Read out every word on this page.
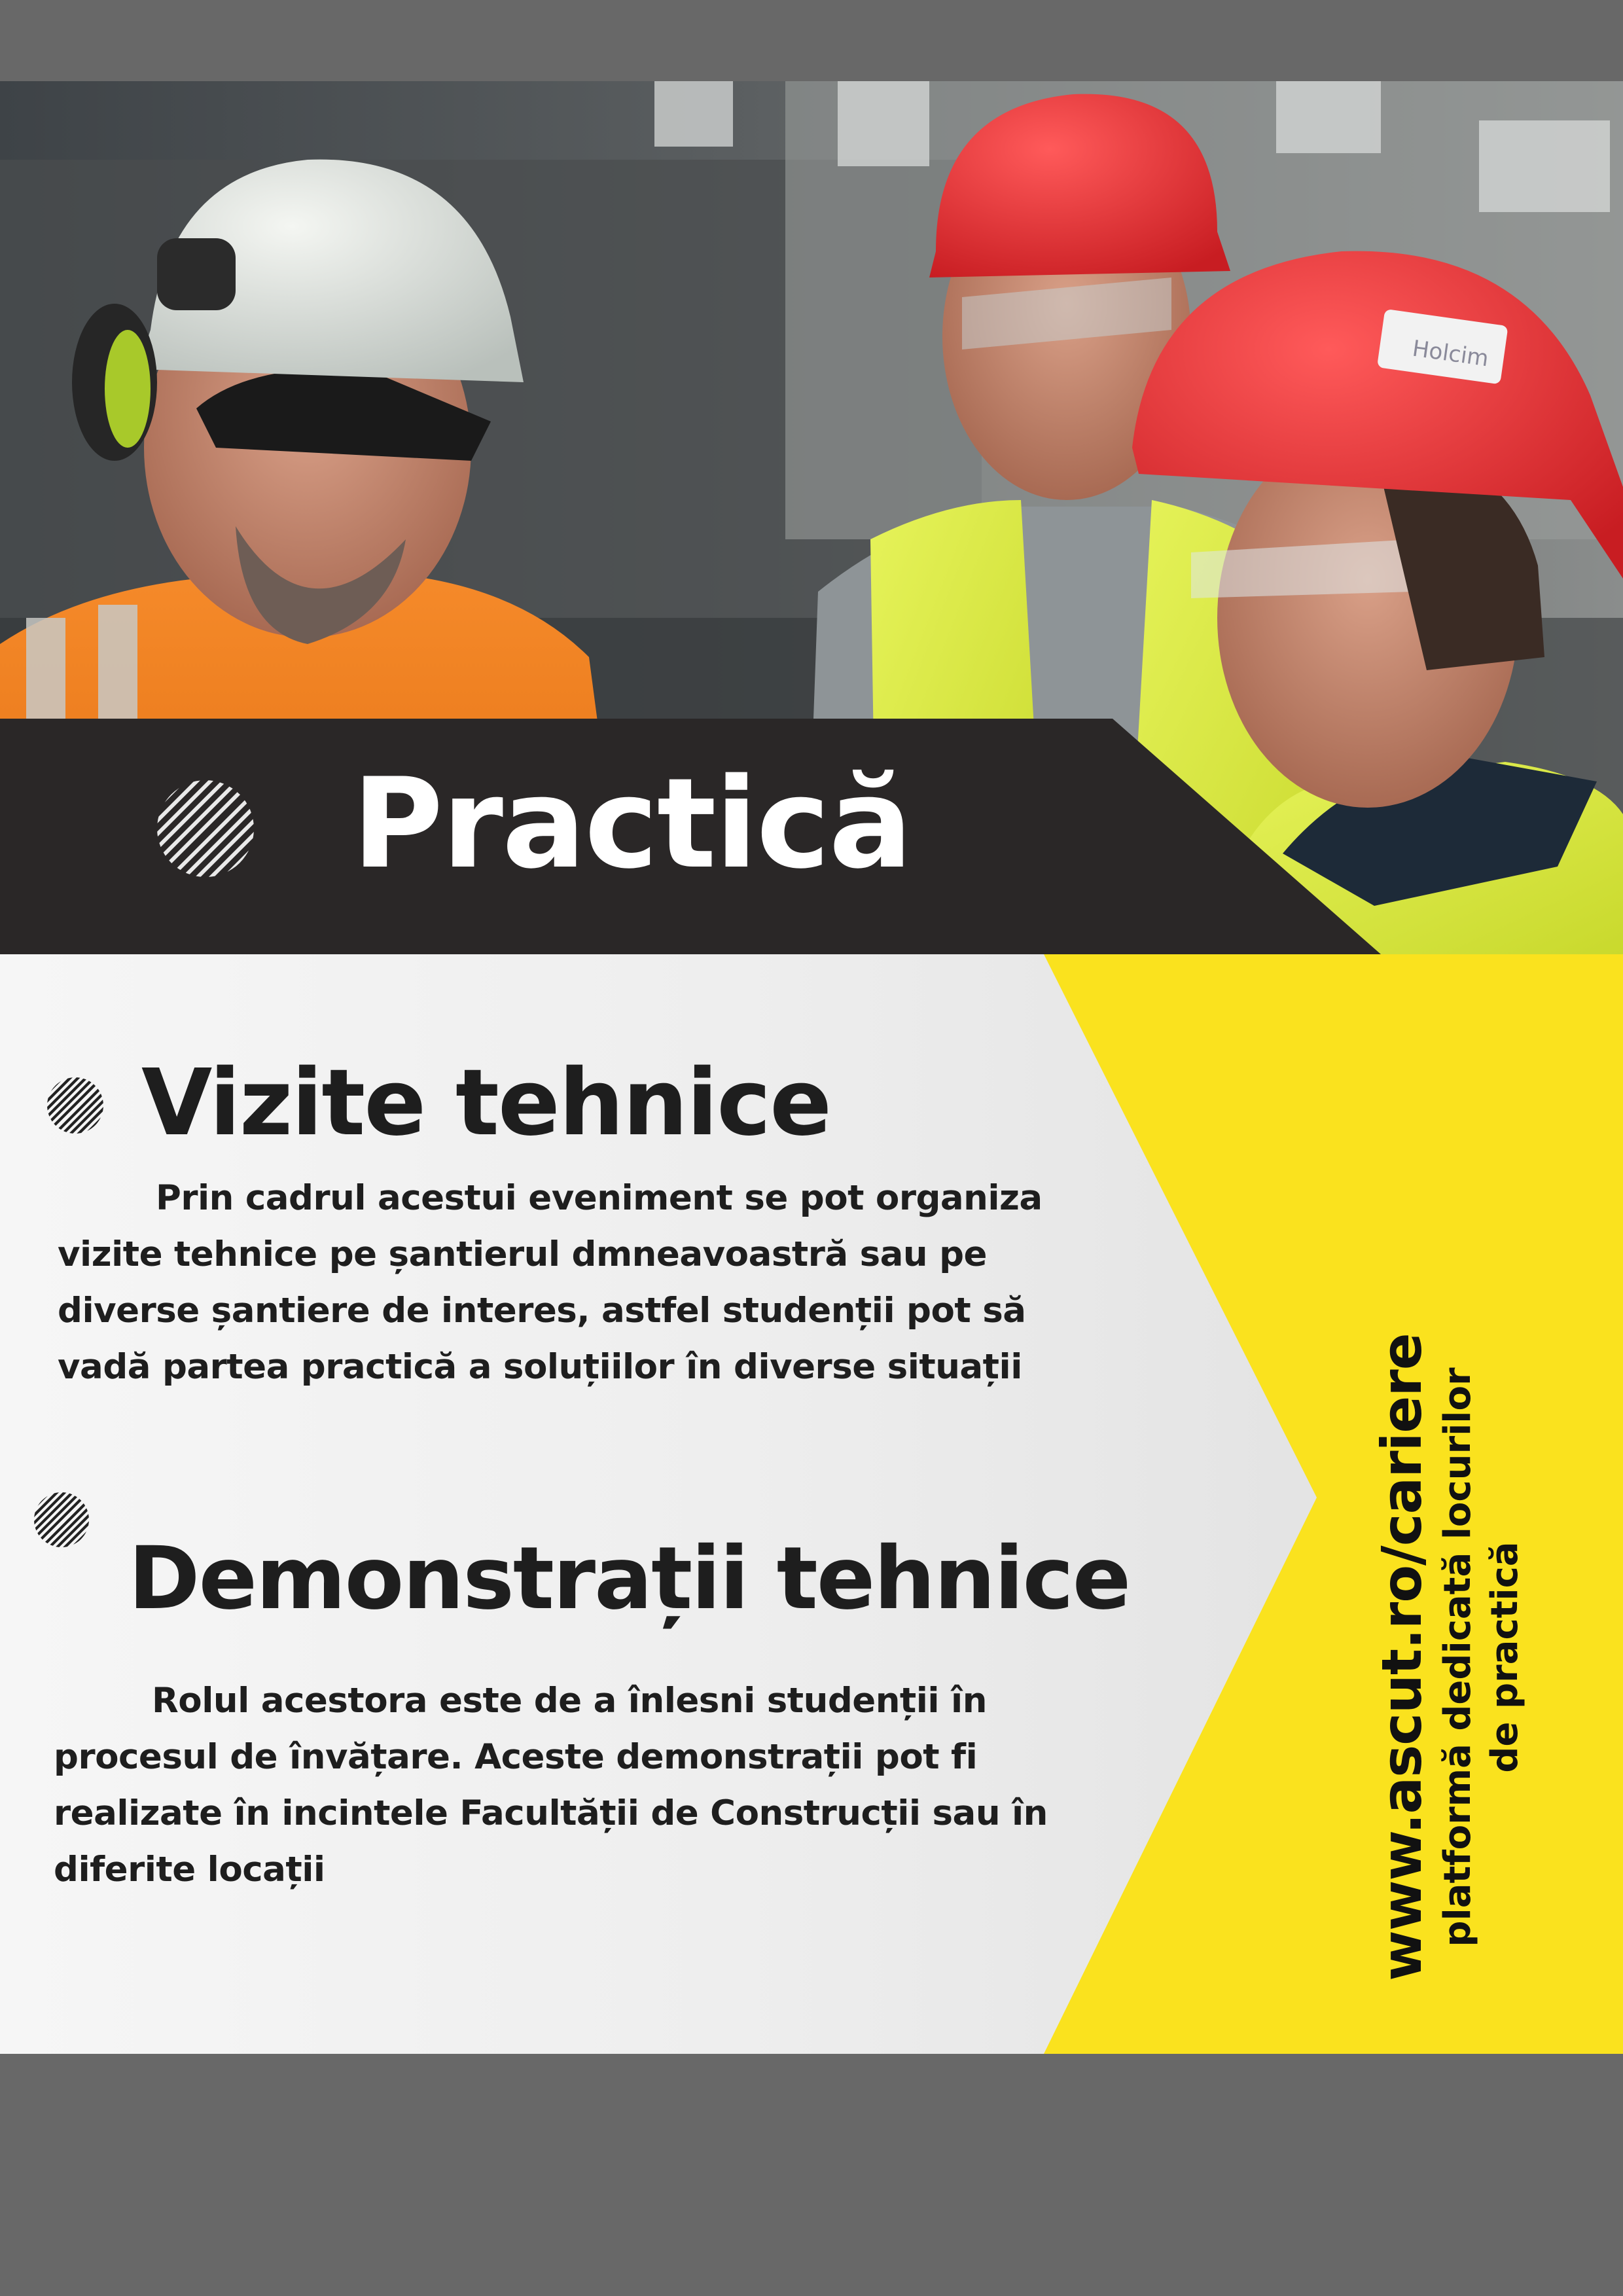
Holcim
Practică
Vizite tehnice

Prin cadrul acestui eveniment se pot organiza vizite tehnice pe șantierul dmneavoastră sau pe diverse șantiere de interes, astfel studenții pot să vadă partea practică a soluțiilor în diverse situații

Demonstrații tehnice

Rolul acestora este de a înlesni studenții în procesul de învățare. Aceste demonstrații pot fi realizate în incintele Facultății de Construcții sau în diferite locații	www.ascut.ro/cariere platformă dedicată locurilor de practică
